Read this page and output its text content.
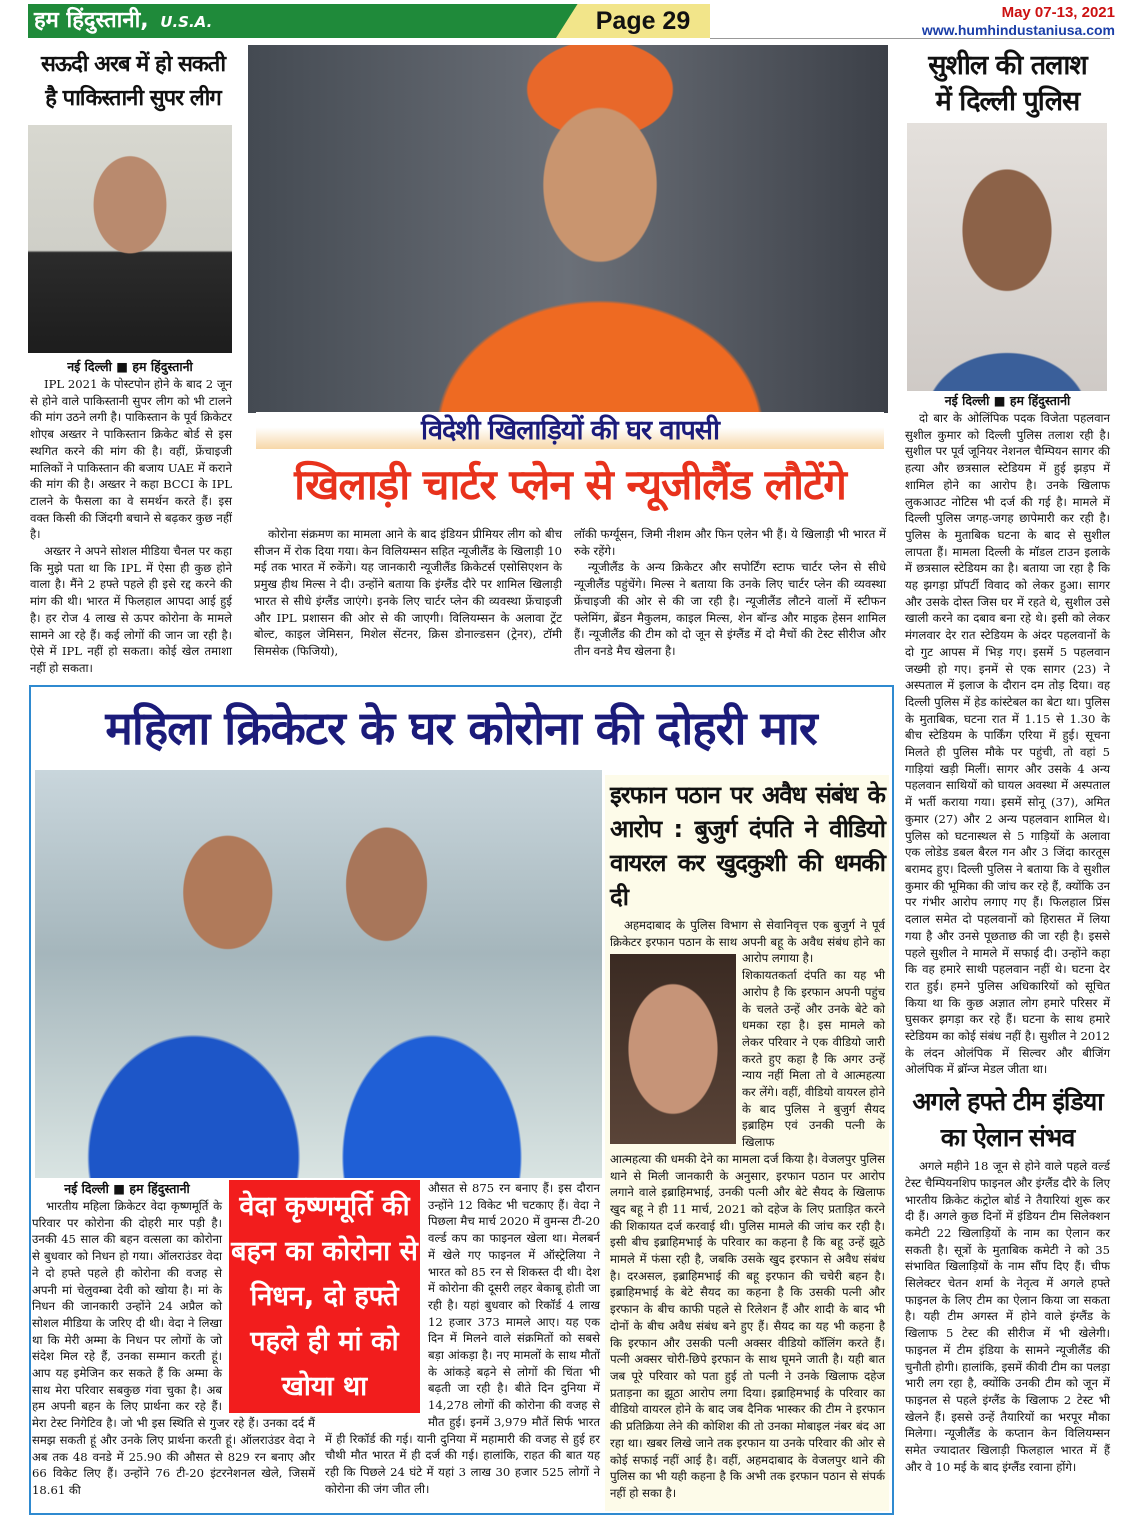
हम हिंदुस्तानी, U.S.A.	Page 29	May 07-13, 2021
www.humhindustaniusa.com
सऊदी अरब में हो सकती
है पाकिस्तानी सुपर लीग
नई दिल्ली ■ हम हिंदुस्तानी

IPL 2021 के पोस्टपोन होने के बाद 2 जून से होने वाले पाकिस्तानी सुपर लीग को भी टालने की मांग उठने लगी है। पाकिस्तान के पूर्व क्रिकेटर शोएब अख्तर ने पाकिस्तान क्रिकेट बोर्ड से इस स्थगित करने की मांग की है। वहीं, फ्रेंचाइजी मालिकों ने पाकिस्तान की बजाय UAE में कराने की मांग की है। अख्तर ने कहा BCCI के IPL टालने के फैसला का वे समर्थन करते हैं। इस वक्त किसी की जिंदगी बचाने से बढ़कर कुछ नहीं है।

अख्तर ने अपने सोशल मीडिया चैनल पर कहा कि मुझे पता था कि IPL में ऐसा ही कुछ होने वाला है। मैंने 2 हफ्ते पहले ही इसे रद्द करने की मांग की थी। भारत में फिलहाल आपदा आई हुई है। हर रोज 4 लाख से ऊपर कोरोना के मामले सामने आ रहे हैं। कई लोगों की जान जा रही है। ऐसे में IPL नहीं हो सकता। कोई खेल तमाशा नहीं हो सकता।

विदेशी खिलाड़ियों की घर वापसी
खिलाड़ी चार्टर प्लेन से न्यूजीलैंड लौटेंगे

कोरोना संक्रमण का मामला आने के बाद इंडियन प्रीमियर लीग को बीच सीजन में रोक दिया गया। केन विलियम्सन सहित न्यूजीलैंड के खिलाड़ी 10 मई तक भारत में रुकेंगे। यह जानकारी न्यूजीलैंड क्रिकेटर्स एसोसिएशन के प्रमुख हीथ मिल्स ने दी। उन्होंने बताया कि इंग्लैंड दौरे पर शामिल खिलाड़ी भारत से सीधे इंग्लैंड जाएंगे। इनके लिए चार्टर प्लेन की व्यवस्था फ्रेंचाइजी और IPL प्रशासन की ओर से की जाएगी। विलियम्सन के अलावा ट्रेंट बोल्ट, काइल जेमिसन, मिशेल सेंटनर, क्रिस डोनाल्डसन (ट्रेनर), टॉमी सिमसेक (फिजियो),

लॉकी फर्ग्यूसन, जिमी नीशम और फिन एलेन भी हैं। ये खिलाड़ी भी भारत में रुके रहेंगे।

न्यूजीलैंड के अन्य क्रिकेटर और सपोर्टिंग स्टाफ चार्टर प्लेन से सीधे न्यूजीलैंड पहुंचेंगे। मिल्स ने बताया कि उनके लिए चार्टर प्लेन की व्यवस्था फ्रेंचाइजी की ओर से की जा रही है। न्यूजीलैंड लौटने वालों में स्टीफन फ्लेमिंग, ब्रेंडन मैकुलम, काइल मिल्स, शेन बॉन्ड और माइक हेसन शामिल हैं। न्यूजीलैंड की टीम को दो जून से इंग्लैंड में दो मैचों की टेस्ट सीरीज और तीन वनडे मैच खेलना है।

सुशील की तलाश
में दिल्ली पुलिस
नई दिल्ली ■ हम हिंदुस्तानी

दो बार के ओलिंपिक पदक विजेता पहलवान सुशील कुमार को दिल्ली पुलिस तलाश रही है। सुशील पर पूर्व जूनियर नेशनल चैम्पियन सागर की हत्या और छत्रसाल स्टेडियम में हुई झड़प में शामिल होने का आरोप है। उनके खिलाफ लुकआउट नोटिस भी दर्ज की गई है। मामले में दिल्ली पुलिस जगह-जगह छापेमारी कर रही है। पुलिस के मुताबिक घटना के बाद से सुशील लापता हैं। मामला दिल्ली के मॉडल टाउन इलाके में छत्रसाल स्टेडियम का है। बताया जा रहा है कि यह झगड़ा प्रॉपर्टी विवाद को लेकर हुआ। सागर और उसके दोस्त जिस घर में रहते थे, सुशील उसे खाली करने का दबाव बना रहे थे। इसी को लेकर मंगलवार देर रात स्टेडियम के अंदर पहलवानों के दो गुट आपस में भिड़ गए। इसमें 5 पहलवान जख्मी हो गए। इनमें से एक सागर (23) ने अस्पताल में इलाज के दौरान दम तोड़ दिया। वह दिल्ली पुलिस में हेड कांस्टेबल का बेटा था। पुलिस के मुताबिक, घटना रात में 1.15 से 1.30 के बीच स्टेडियम के पार्किंग एरिया में हुई। सूचना मिलते ही पुलिस मौके पर पहुंची, तो वहां 5 गाड़ियां खड़ी मिलीं। सागर और उसके 4 अन्य पहलवान साथियों को घायल अवस्था में अस्पताल में भर्ती कराया गया। इसमें सोनू (37), अमित कुमार (27) और 2 अन्य पहलवान शामिल थे। पुलिस को घटनास्थल से 5 गाड़ियों के अलावा एक लोडेड डबल बैरल गन और 3 जिंदा कारतूस बरामद हुए। दिल्ली पुलिस ने बताया कि वे सुशील कुमार की भूमिका की जांच कर रहे हैं, क्योंकि उन पर गंभीर आरोप लगाए गए हैं। फिलहाल प्रिंस दलाल समेत दो पहलवानों को हिरासत में लिया गया है और उनसे पूछताछ की जा रही है। इससे पहले सुशील ने मामले में सफाई दी। उन्होंने कहा कि वह हमारे साथी पहलवान नहीं थे। घटना देर रात हुई। हमने पुलिस अधिकारियों को सूचित किया था कि कुछ अज्ञात लोग हमारे परिसर में घुसकर झगड़ा कर रहे हैं। घटना के साथ हमारे स्टेडियम का कोई संबंध नहीं है। सुशील ने 2012 के लंदन ओलंपिक में सिल्वर और बीजिंग ओलंपिक में ब्रॉन्ज मेडल जीता था।

अगले हफ्ते टीम इंडिया
का ऐलान संभव

अगले महीने 18 जून से होने वाले पहले वर्ल्ड टेस्ट चैम्पियनशिप फाइनल और इंग्लैंड दौरे के लिए भारतीय क्रिकेट कंट्रोल बोर्ड ने तैयारियां शुरू कर दी हैं। अगले कुछ दिनों में इंडियन टीम सिलेक्शन कमेटी 22 खिलाड़ियों के नाम का ऐलान कर सकती है। सूत्रों के मुताबिक कमेटी ने को 35 संभावित खिलाड़ियों के नाम सौंप दिए हैं। चीफ सिलेक्टर चेतन शर्मा के नेतृत्व में अगले हफ्ते फाइनल के लिए टीम का ऐलान किया जा सकता है। यही टीम अगस्त में होने वाले इंग्लैंड के खिलाफ 5 टेस्ट की सीरीज में भी खेलेगी। फाइनल में टीम इंडिया के सामने न्यूजीलैंड की चुनौती होगी। हालांकि, इसमें कीवी टीम का पलड़ा भारी लग रहा है, क्योंकि उनकी टीम को जून में फाइनल से पहले इंग्लैंड के खिलाफ 2 टेस्ट भी खेलने हैं। इससे उन्हें तैयारियों का भरपूर मौका मिलेगा। न्यूजीलैंड के कप्तान केन विलियम्सन समेत ज्यादातर खिलाड़ी फिलहाल भारत में हैं और वे 10 मई के बाद इंग्लैंड रवाना होंगे।

महिला क्रिकेटर के घर कोरोना की दोहरी मार
वेदा कृष्णमूर्ति की बहन का कोरोना से निधन, दो हफ्ते पहले ही मां को खोया था
नई दिल्ली ■ हम हिंदुस्तानी
भारतीय महिला क्रिकेटर वेदा कृष्णमूर्ति के परिवार पर कोरोना की दोहरी मार पड़ी है। उनकी 45 साल की बहन वत्सला का कोरोना से बुधवार को निधन हो गया। ऑलराउंडर वेदा ने दो हफ्ते पहले ही कोरोना की वजह से अपनी मां चेलुवम्बा देवी को खोया है। मां के निधन की जानकारी उन्होंने 24 अप्रैल को सोशल मीडिया के जरिए दी थी। वेदा ने लिखा था कि मेरी अम्मा के निधन पर लोगों के जो संदेश मिल रहे हैं, उनका सम्मान करती हूं। आप यह इमेजिन कर सकते हैं कि अम्मा के साथ मेरा परिवार सबकुछ गंवा चुका है। अब हम अपनी बहन के लिए प्रार्थना कर रहे हैं। मेरा टेस्ट निगेटिव है। जो भी इस स्थिति से गुजर रहे हैं। उनका दर्द मैं समझ सकती हूं और उनके लिए प्रार्थना करती हूं। ऑलराउंडर वेदा ने अब तक 48 वनडे में 25.90 की औसत से 829 रन बनाए और 66 विकेट लिए हैं। उन्होंने 76 टी-20 इंटरनेशनल खेले, जिसमें 18.61 की
औसत से 875 रन बनाए हैं। इस दौरान उन्होंने 12 विकेट भी चटकाए हैं। वेदा ने पिछला मैच मार्च 2020 में वुमन्स टी-20 वर्ल्ड कप का फाइनल खेला था। मेलबर्न में खेले गए फाइनल में ऑस्ट्रेलिया ने भारत को 85 रन से शिकस्त दी थी। देश में कोरोना की दूसरी लहर बेकाबू होती जा रही है। यहां बुधवार को रिकॉर्ड 4 लाख 12 हजार 373 मामले आए। यह एक दिन में मिलने वाले संक्रमितों को सबसे बड़ा आंकड़ा है। नए मामलों के साथ मौतों के आंकड़े बढ़ने से लोगों की चिंता भी बढ़ती जा रही है। बीते दिन दुनिया में 14,278 लोगों की कोरोना की वजह से मौत हुई। इनमें 3,979 मौतें सिर्फ भारत में ही रिकॉर्ड की गई। यानी दुनिया में महामारी की वजह से हुई हर चौथी मौत भारत में ही दर्ज की गई। हालांकि, राहत की बात यह रही कि पिछले 24 घंटे में यहां 3 लाख 30 हजार 525 लोगों ने कोरोना की जंग जीत ली।
इरफान पठान पर अवैध संबंध के आरोप : बुजुर्ग दंपति ने वीडियो वायरल कर खुदकुशी की धमकी दी

अहमदाबाद के पुलिस विभाग से सेवानिवृत्त एक बुजुर्ग ने पूर्व क्रिकेटर इरफान पठान के साथ अपनी बहू के अवैध संबंध होने का आरोप लगाया है।

शिकायतकर्ता दंपति का यह भी आरोप है कि इरफान अपनी पहुंच के चलते उन्हें और उनके बेटे को धमका रहा है। इस मामले को लेकर परिवार ने एक वीडियो जारी करते हुए कहा है कि अगर उन्हें न्याय नहीं मिला तो वे आत्महत्या कर लेंगे। वहीं, वीडियो वायरल होने के बाद पुलिस ने बुजुर्ग सैयद इब्राहिम एवं उनकी पत्नी के खिलाफ

आत्महत्या की धमकी देने का मामला दर्ज किया है। वेजलपुर पुलिस थाने से मिली जानकारी के अनुसार, इरफान पठान पर आरोप लगाने वाले इब्राहिमभाई, उनकी पत्नी और बेटे सैयद के खिलाफ खुद बहू ने ही 11 मार्च, 2021 को दहेज के लिए प्रताड़ित करने की शिकायत दर्ज करवाई थी। पुलिस मामले की जांच कर रही है। इसी बीच इब्राहिमभाई के परिवार का कहना है कि बहू उन्हें झूठे मामले में फंसा रही है, जबकि उसके खुद इरफान से अवैध संबंध है। दरअसल, इब्राहिमभाई की बहू इरफान की चचेरी बहन है। इब्राहिमभाई के बेटे सैयद का कहना है कि उसकी पत्नी और इरफान के बीच काफी पहले से रिलेशन हैं और शादी के बाद भी दोनों के बीच अवैध संबंध बने हुए हैं। सैयद का यह भी कहना है कि इरफान और उसकी पत्नी अक्सर वीडियो कॉलिंग करते हैं। पत्नी अक्सर चोरी-छिपे इरफान के साथ घूमने जाती है। यही बात जब पूरे परिवार को पता हुई तो पत्नी ने उनके खिलाफ दहेज प्रताड़ना का झूठा आरोप लगा दिया। इब्राहिमभाई के परिवार का वीडियो वायरल होने के बाद जब दैनिक भास्कर की टीम ने इरफान की प्रतिक्रिया लेने की कोशिश की तो उनका मोबाइल नंबर बंद आ रहा था। खबर लिखे जाने तक इरफान या उनके परिवार की ओर से कोई सफाई नहीं आई है। वहीं, अहमदाबाद के वेजलपुर थाने की पुलिस का भी यही कहना है कि अभी तक इरफान पठान से संपर्क नहीं हो सका है।
